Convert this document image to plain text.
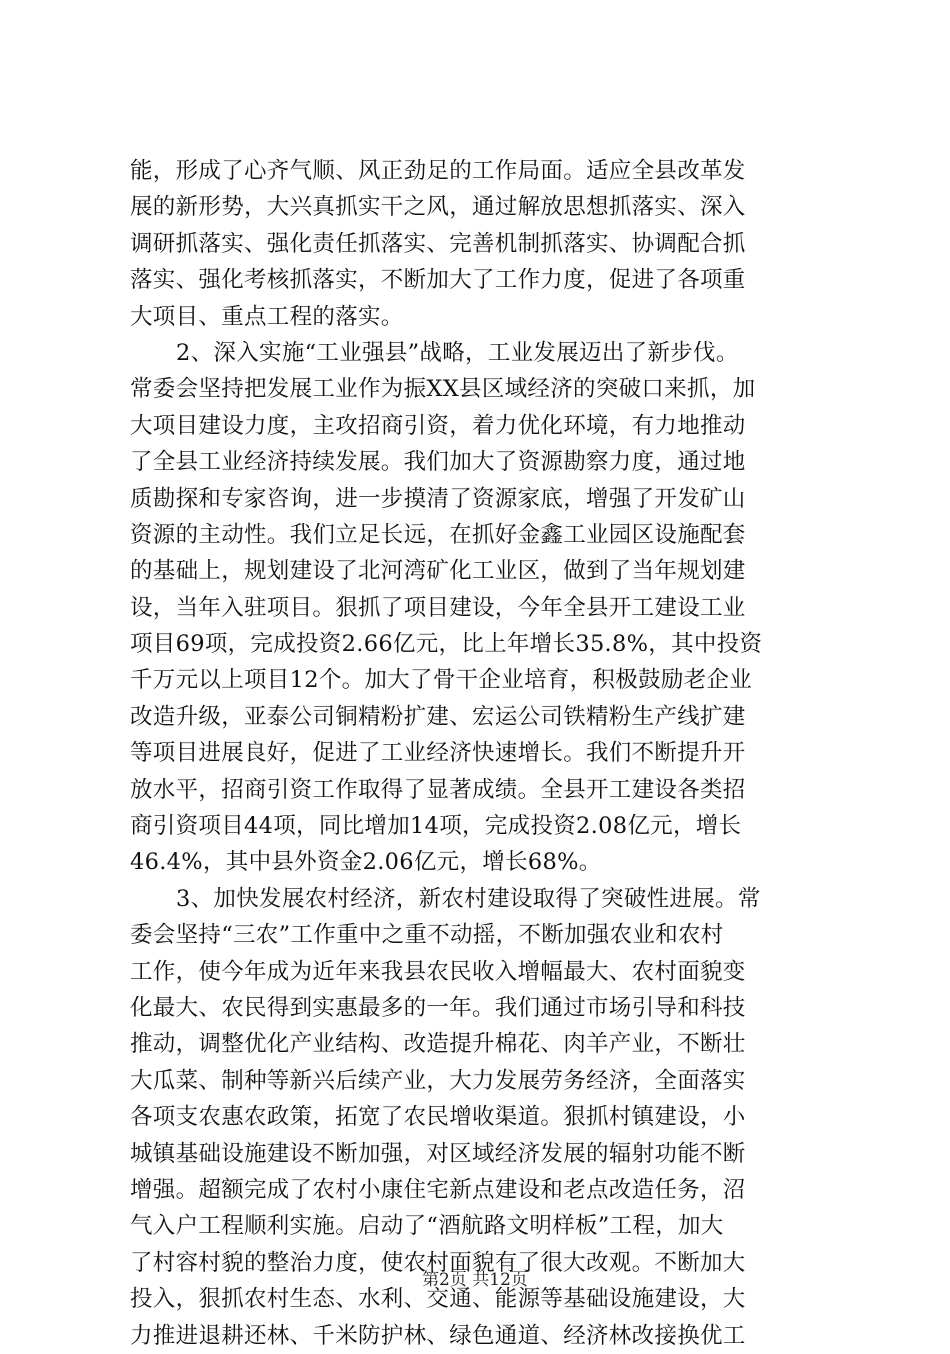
能，形成了心齐气顺、风正劲足的工作局面。适应全县改革发
展的新形势，大兴真抓实干之风，通过解放思想抓落实、深入
调研抓落实、强化责任抓落实、完善机制抓落实、协调配合抓
落实、强化考核抓落实，不断加大了工作力度，促进了各项重
大项目、重点工程的落实。
2、深入实施“工业强县”战略，工业发展迈出了新步伐。
常委会坚持把发展工业作为振XX县区域经济的突破口来抓，加
大项目建设力度，主攻招商引资，着力优化环境，有力地推动
了全县工业经济持续发展。我们加大了资源勘察力度，通过地
质勘探和专家咨询，进一步摸清了资源家底，增强了开发矿山
资源的主动性。我们立足长远，在抓好金鑫工业园区设施配套
的基础上，规划建设了北河湾矿化工业区，做到了当年规划建
设，当年入驻项目。狠抓了项目建设，今年全县开工建设工业
项目69项，完成投资2.66亿元，比上年增长35.8%，其中投资
千万元以上项目12个。加大了骨干企业培育，积极鼓励老企业
改造升级，亚泰公司铜精粉扩建、宏运公司铁精粉生产线扩建
等项目进展良好，促进了工业经济快速增长。我们不断提升开
放水平，招商引资工作取得了显著成绩。全县开工建设各类招
商引资项目44项，同比增加14项，完成投资2.08亿元，增长
46.4%，其中县外资金2.06亿元，增长68%。
3、加快发展农村经济，新农村建设取得了突破性进展。常
委会坚持“三农”工作重中之重不动摇，不断加强农业和农村
工作，使今年成为近年来我县农民收入增幅最大、农村面貌变
化最大、农民得到实惠最多的一年。我们通过市场引导和科技
推动，调整优化产业结构、改造提升棉花、肉羊产业，不断壮
大瓜菜、制种等新兴后续产业，大力发展劳务经济，全面落实
各项支农惠农政策，拓宽了农民增收渠道。狠抓村镇建设，小
城镇基础设施建设不断加强，对区域经济发展的辐射功能不断
增强。超额完成了农村小康住宅新点建设和老点改造任务，沼
气入户工程顺利实施。启动了“酒航路文明样板”工程，加大
了村容村貌的整治力度，使农村面貌有了很大改观。不断加大
投入，狠抓农村生态、水利、交通、能源等基础设施建设，大
力推进退耕还林、千米防护林、绿色通道、经济林改接换优工
第2页 共12页
